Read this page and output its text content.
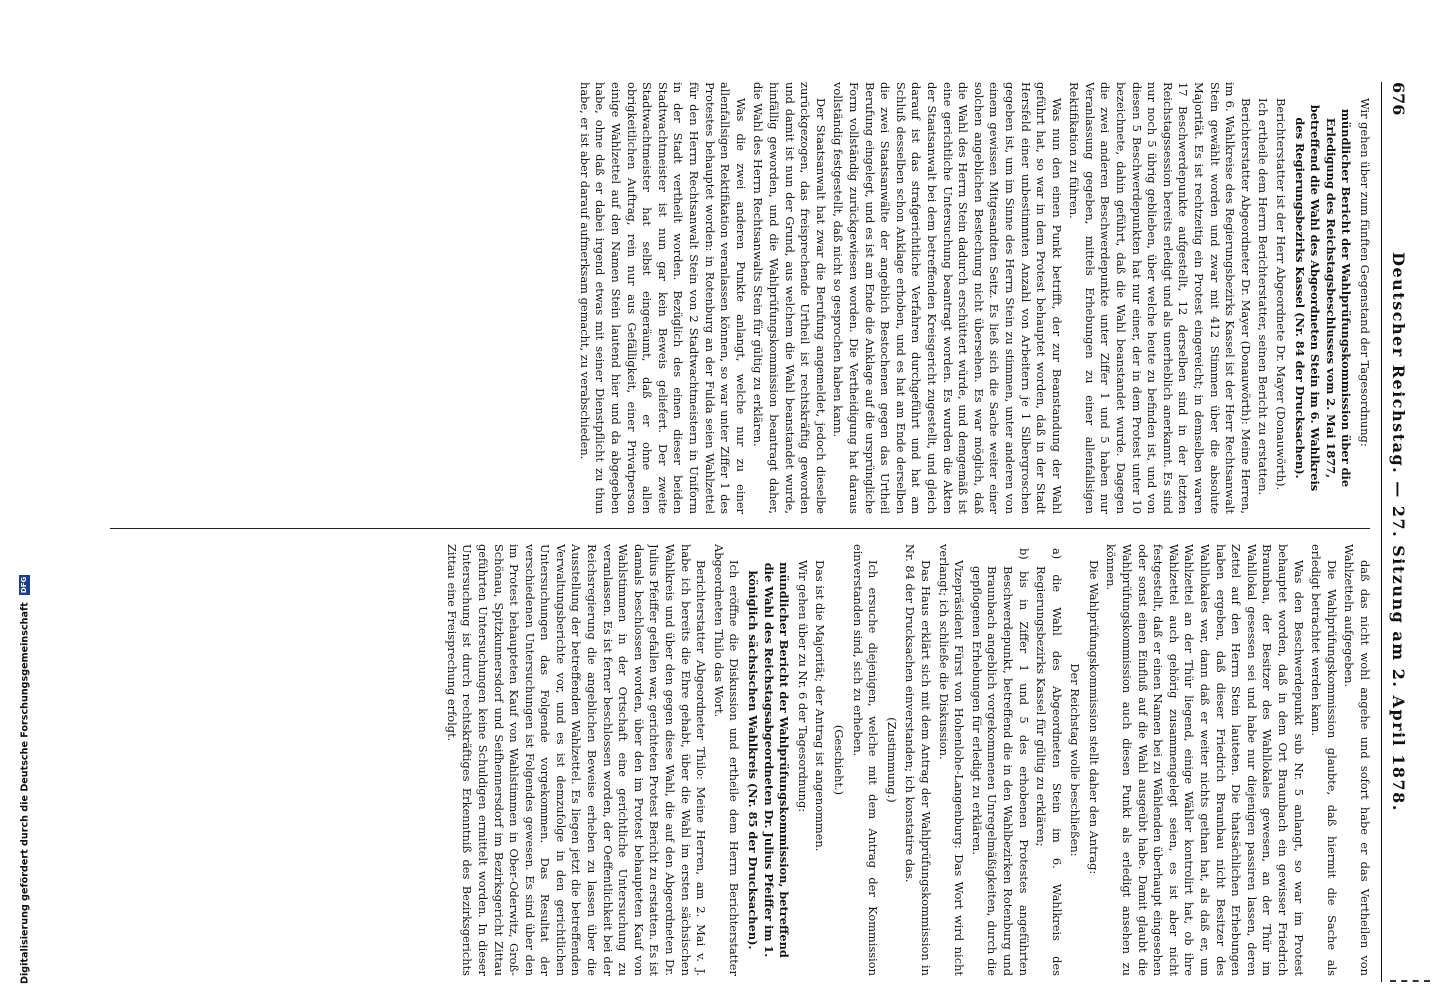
676
Deutscher Reichstag. — 27. Sitzung am 2. April 1878.

Wir gehen über zum fünften Gegenstand der Tagesordnung:

mündlicher Bericht der Wahlprüfungskommission über die Erledigung des Reichstagsbeschlusses vom 2. Mai 1877, betreffend die Wahl des Abgeordneten Stein im 6. Wahlkreis des Regierungsbezirks Kassel (Nr. 84 der Drucksachen).

Berichterstatter ist der Herr Abgeordnete Dr. Mayer (Donauwörth).

Ich ertheile dem Herrn Berichterstatter, seinen Bericht zu erstatten.

Berichterstatter Abgeordneter Dr. Mayer (Donauwörth): Meine Herren, im 6. Wahlkreise des Regierungsbezirks Kassel ist der Herr Rechtsanwalt Stein gewählt worden und zwar mit 412 Stimmen über die absolute Majorität. Es ist rechtzeitig ein Protest eingereicht; in demselben waren 17 Beschwerdepunkte aufgestellt, 12 derselben sind in der letzten Reichstagssession bereits erledigt und als unerheblich anerkannt. Es sind nur noch 5 übrig geblieben, über welche heute zu befinden ist, und von diesen 5 Beschwerdepunkten hat nur einer, der in dem Protest unter 10 bezeichnete, dahin geführt, daß die Wahl beanstandet wurde. Dagegen die zwei anderen Beschwerdepunkte unter Ziffer 1 und 5 haben nur Veranlassung gegeben, mittels Erhebungen zu einer allenfallsigen Rektifikation zu führen.

Was nun den einen Punkt betrifft, der zur Beanstandung der Wahl geführt hat, so war in dem Protest behauptet worden, daß in der Stadt Hersfeld einer unbestimmten Anzahl von Arbeitern je 1 Silbergroschen gegeben ist, um im Sinne des Herrn Stein zu stimmen, unter anderen von einem gewissen Mitgesandten Seitz. Es ließ sich die Sache weiter einer solchen angeblichen Bestechung nicht übersehen. Es war möglich, daß die Wahl des Herrn Stein dadurch erschüttert würde, und demgemäß ist eine gerichtliche Untersuchung beantragt worden. Es wurden die Akten der Staatsanwalt bei dem betreffenden Kreisgericht zugestellt, und gleich darauf ist das strafgerichtliche Verfahren durchgeführt und hat am Schluß desselben schon Anklage erhoben, und es hat am Ende derselben die zwei Staatsanwälte der angeblich Bestochenen gegen das Urtheil Berufung eingelegt, und es ist am Ende die Anklage auf die ursprüngliche Form vollständig zurückgewiesen worden. Die Vertheidigung hat daraus vollständig festgestellt, daß nicht so gesprochen haben kann.

Der Staatsanwalt hat zwar die Berufung angemeldet, jedoch dieselbe zurückgezogen, das freisprechende Urtheil ist rechtskräftig geworden und damit ist nun der Grund, aus welchem die Wahl beanstandet wurde, hinfällig geworden, und die Wahlprüfungskommission beantragt daher, die Wahl des Herrn Rechtsanwalts Stein für gültig zu erklären.

Was die zwei anderen Punkte anlangt, welche nur zu einer allenfallsigen Rektifikation veranlassen können, so war unter Ziffer 1 des Protestes behauptet worden: in Rotenburg an der Fulda seien Wahlzettel für den Herrn Rechtsanwalt Stein von 2 Stadtwachtmeistern in Uniform in der Stadt vertheilt worden. Bezüglich des einen dieser beiden Stadtwachtmeister ist nun gar kein Beweis geliefert. Der zweite Stadtwachtmeister hat selbst eingeräumt, daß er ohne allen obrigkeitlichen Auftrag, rein nur aus Gefälligkeit, einer Privatperson einige Wahlzettel auf den Namen Stein lautend hier und da abgegeben habe, ohne daß er dabei irgend etwas mit seiner Dienstpflicht zu thun habe, er ist aber darauf aufmerksam gemacht, zu verabschieden.

daß das nicht wohl angehe und sofort habe er das Vertheilen von Wahlzetteln aufgegeben.

Die Wahlprüfungskommission glaubte, daß hiermit die Sache als erledigt betrachtet werden kann.

Was den Beschwerdepunkt sub Nr. 5 anlangt, so war im Protest behauptet worden, daß in dem Ort Braunbach ein gewisser Friedrich Braunbau, der Besitzer des Wahllokales gewesen, an der Thür im Wahllokal gesessen sei und habe nur diejenigen passiren lassen, deren Zettel auf den Herrn Stein lauteten. Die thatsächlichen Erhebungen haben ergeben, daß dieser Friedrich Braunbau nicht Besitzer des Wahllokales war, dann daß er weiter nichts gethan hat, als daß er, um Wahlzettel an der Thür liegend, einige Wähler kontrolirt hat, ob ihre Wahlzettel auch gehörig zusammengelegt seien, es ist aber nicht festgestellt, daß er einen Namen bei zu Wählenden überhaupt eingesehen oder sonst einen Einfluß auf die Wahl ausgeübt habe. Damit glaubt die Wahlprüfungskommission auch diesen Punkt als erledigt ansehen zu können.

Die Wahlprüfungskommission stellt daher den Antrag:

Der Reichstag wolle beschließen:

a) die Wahl des Abgeordneten Stein im 6. Wahlkreis des Regierungsbezirks Kassel für gültig zu erklären;

b) bis in Ziffer 1 und 5 des erhobenen Protestes angeführten Beschwerdepunkt, betreffend die in den Wahlbezirken Rotenburg und Braunbach angeblich vorgekommenen Unregelmäßigkeiten, durch die gepflogenen Erhebungen für erledigt zu erklären.

Vizepräsident Fürst von Hohenlohe-Langenburg: Das Wort wird nicht verlangt; ich schließe die Diskussion.

Das Haus erklärt sich mit dem Antrag der Wahlprüfungskommission in Nr. 84 der Drucksachen einverstanden; ich konstatire das.

(Zustimmung.)

Ich ersuche diejenigen, welche mit dem Antrag der Kommission einverstanden sind, sich zu erheben.

(Geschieht.)

Das ist die Majorität; der Antrag ist angenommen.

Wir gehen über zu Nr. 6 der Tagesordnung:

mündlicher Bericht der Wahlprüfungskommission, betreffend die Wahl des Reichstagsabgeordneten Dr. Julius Pfeiffer im 1. königlich sächsischen Wahlkreis (Nr. 85 der Drucksachen).

Ich eröffne die Diskussion und ertheile dem Herrn Berichterstatter Abgeordneten Thilo das Wort.

Berichterstatter Abgeordneter Thilo: Meine Herren, am 2. Mai v. J. habe ich bereits die Ehre gehabt, über die Wahl im ersten sächsischen Wahlkreis und über den gegen diese Wahl, die auf den Abgeordneten Dr. Julius Pfeiffer gefallen war, gerichteten Protest Bericht zu erstatten. Es ist damals beschlossen worden, über den im Protest behaupteten Kauf von Wahlstimmen in der Ortschaft eine gerichtliche Untersuchung zu veranlassen. Es ist ferner beschlossen worden, der Oeffentlichkeit bei der Reichsregierung die angeblichen Beweise erheben zu lassen über die Ausstellung der betreffenden Wahlzettel. Es liegen jetzt die betreffenden Verwaltungsberichte vor, und es ist demzufolge in den gerichtlichen Untersuchungen das Folgende vorgekommen. Das Resultat der verschiedenen Untersuchungen ist Folgendes gewesen. Es sind über den im Protest behaupteten Kauf von Wahlstimmen in Ober-Oderwitz, Groß-Schönau, Spitzkunnersdorf und Seifhennersdorf im Bezirksgericht Zittau geführten Untersuchungen keine Schuldigen ermittelt worden. In dieser Untersuchung ist durch rechtskräftiges Erkenntniß des Bezirksgerichts Zittau eine Freisprechung erfolgt.

Digitalisierung gefördert durch die Deutsche Forschungsgemeinschaft DFG
